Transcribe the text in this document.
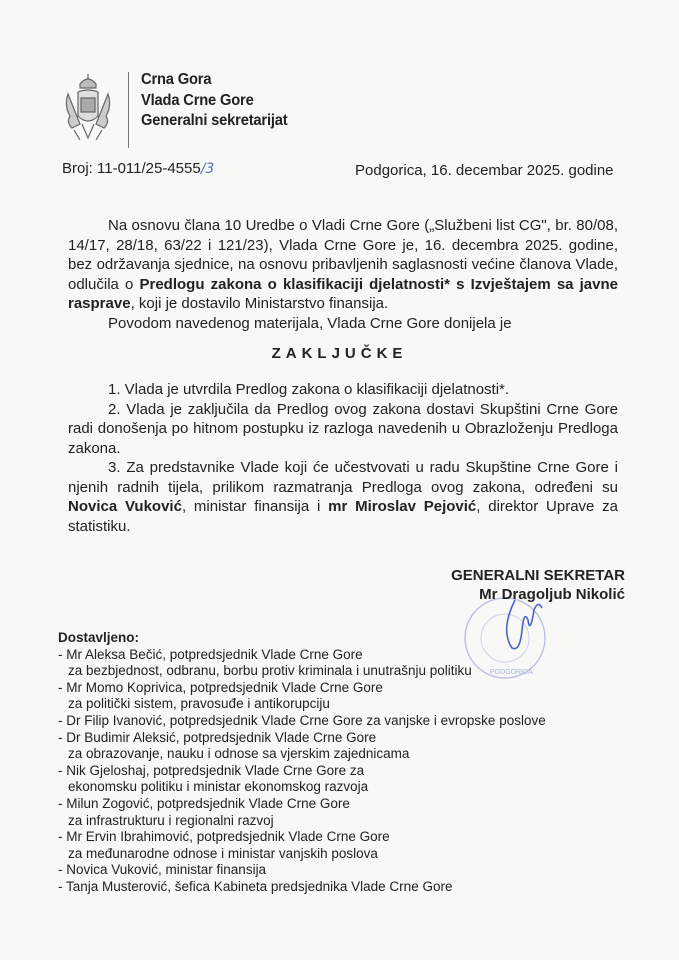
Crna Gora
Vlada Crne Gore
Generalni sekretarijat
Broj: 11-011/25-4555/3	Podgorica, 16. decembar 2025. godine

Na osnovu člana 10 Uredbe o Vladi Crne Gore („Službeni list CG", br. 80/08, 14/17, 28/18, 63/22 i 121/23), Vlada Crne Gore je, 16. decembra 2025. godine, bez održavanja sjednice, na osnovu pribavljenih saglasnosti većine članova Vlade, odlučila o Predlogu zakona o klasifikaciji djelatnosti* s Izvještajem sa javne rasprave, koji je dostavilo Ministarstvo finansija.

Povodom navedenog materijala, Vlada Crne Gore donijela je

ZAKLJUČKE

1. Vlada je utvrdila Predlog zakona o klasifikaciji djelatnosti*.

2. Vlada je zaključila da Predlog ovog zakona dostavi Skupštini Crne Gore radi donošenja po hitnom postupku iz razloga navedenih u Obrazloženju Predloga zakona.

3. Za predstavnike Vlade koji će učestvovati u radu Skupštine Crne Gore i njenih radnih tijela, prilikom razmatranja Predloga ovog zakona, određeni su Novica Vuković, ministar finansija i mr Miroslav Pejović, direktor Uprave za statistiku.

PODGORICA
GENERALNI SEKRETAR
Mr Dragoljub Nikolić
Dostavljeno:
- Mr Aleksa Bečić, potpredsjednik Vlade Crne Gore
za bezbjednost, odbranu, borbu protiv kriminala i unutrašnju politiku
- Mr Momo Koprivica, potpredsjednik Vlade Crne Gore
za politički sistem, pravosuđe i antikorupciju
- Dr Filip Ivanović, potpredsjednik Vlade Crne Gore za vanjske i evropske poslove
- Dr Budimir Aleksić, potpredsjednik Vlade Crne Gore
za obrazovanje, nauku i odnose sa vjerskim zajednicama
- Nik Gjeloshaj, potpredsjednik Vlade Crne Gore za
ekonomsku politiku i ministar ekonomskog razvoja
- Milun Zogović, potpredsjednik Vlade Crne Gore
za infrastrukturu i regionalni razvoj
- Mr Ervin Ibrahimović, potpredsjednik Vlade Crne Gore
za međunarodne odnose i ministar vanjskih poslova
- Novica Vuković, ministar finansija
- Tanja Musterović, šefica Kabineta predsjednika Vlade Crne Gore
